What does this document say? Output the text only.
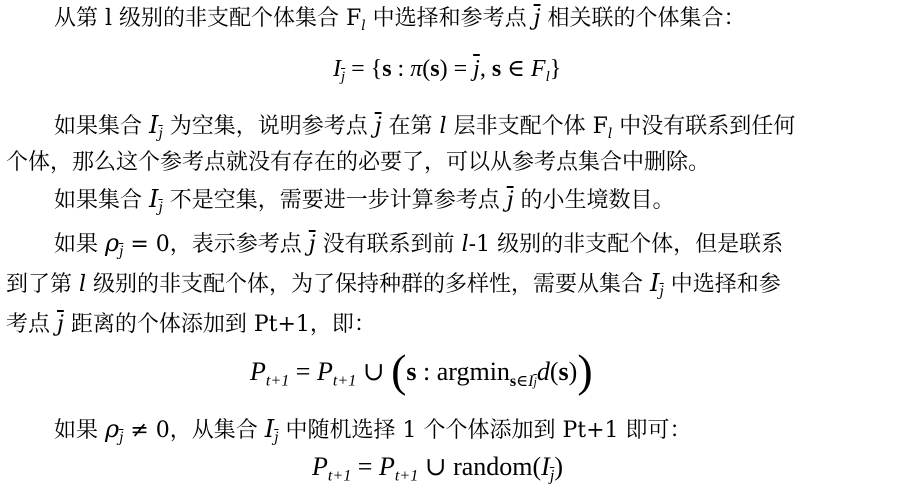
从第 l 级别的非支配个体集合 $F_l$ 中选择和参考点 $\overline{j}$ 相关联的个体集合：
$I_{\overline{j}} = \{s$ : $\pi(s) = \overline{j}$, s ∈ $F_l$}
如果集合 $I_{\overline{j}}$ 为空集，说明参考点 $\overline{j}$ 在第 l 层非支配个体 $F_l$ 中没有联系到任何
个体，那么这个参考点就没有存在的必要了，可以从参考点集合中删除。
如果集合 $I_{\overline{j}}$ 不是空集，需要进一步计算参考点 $\overline{j}$ 的小生境数目。
如果 $\rho_{\overline{j}} = 0$，表示参考点 $\overline{j}$ 没有联系到前 l-1 级别的非支配个体，但是联系
到了第 l 级别的非支配个体，为了保持种群的多样性，需要从集合 $I_{\overline{j}}$ 中选择和参
考点 $\overline{j}$ 距离的个体添加到 Pt+1，即：
$P_{t+1} = P_{t+1}$ ∪ (s : argmin$_{s\in I\overline{j}}$d(s))
如果 $\rho_{\overline{j}} \ne 0$，从集合 $I_{\overline{j}}$ 中随机选择 1 个个体添加到 Pt+1 即可：
$P_{t+1} = P_{t+1}$ ∪ $random(I_{\overline{j}})$
